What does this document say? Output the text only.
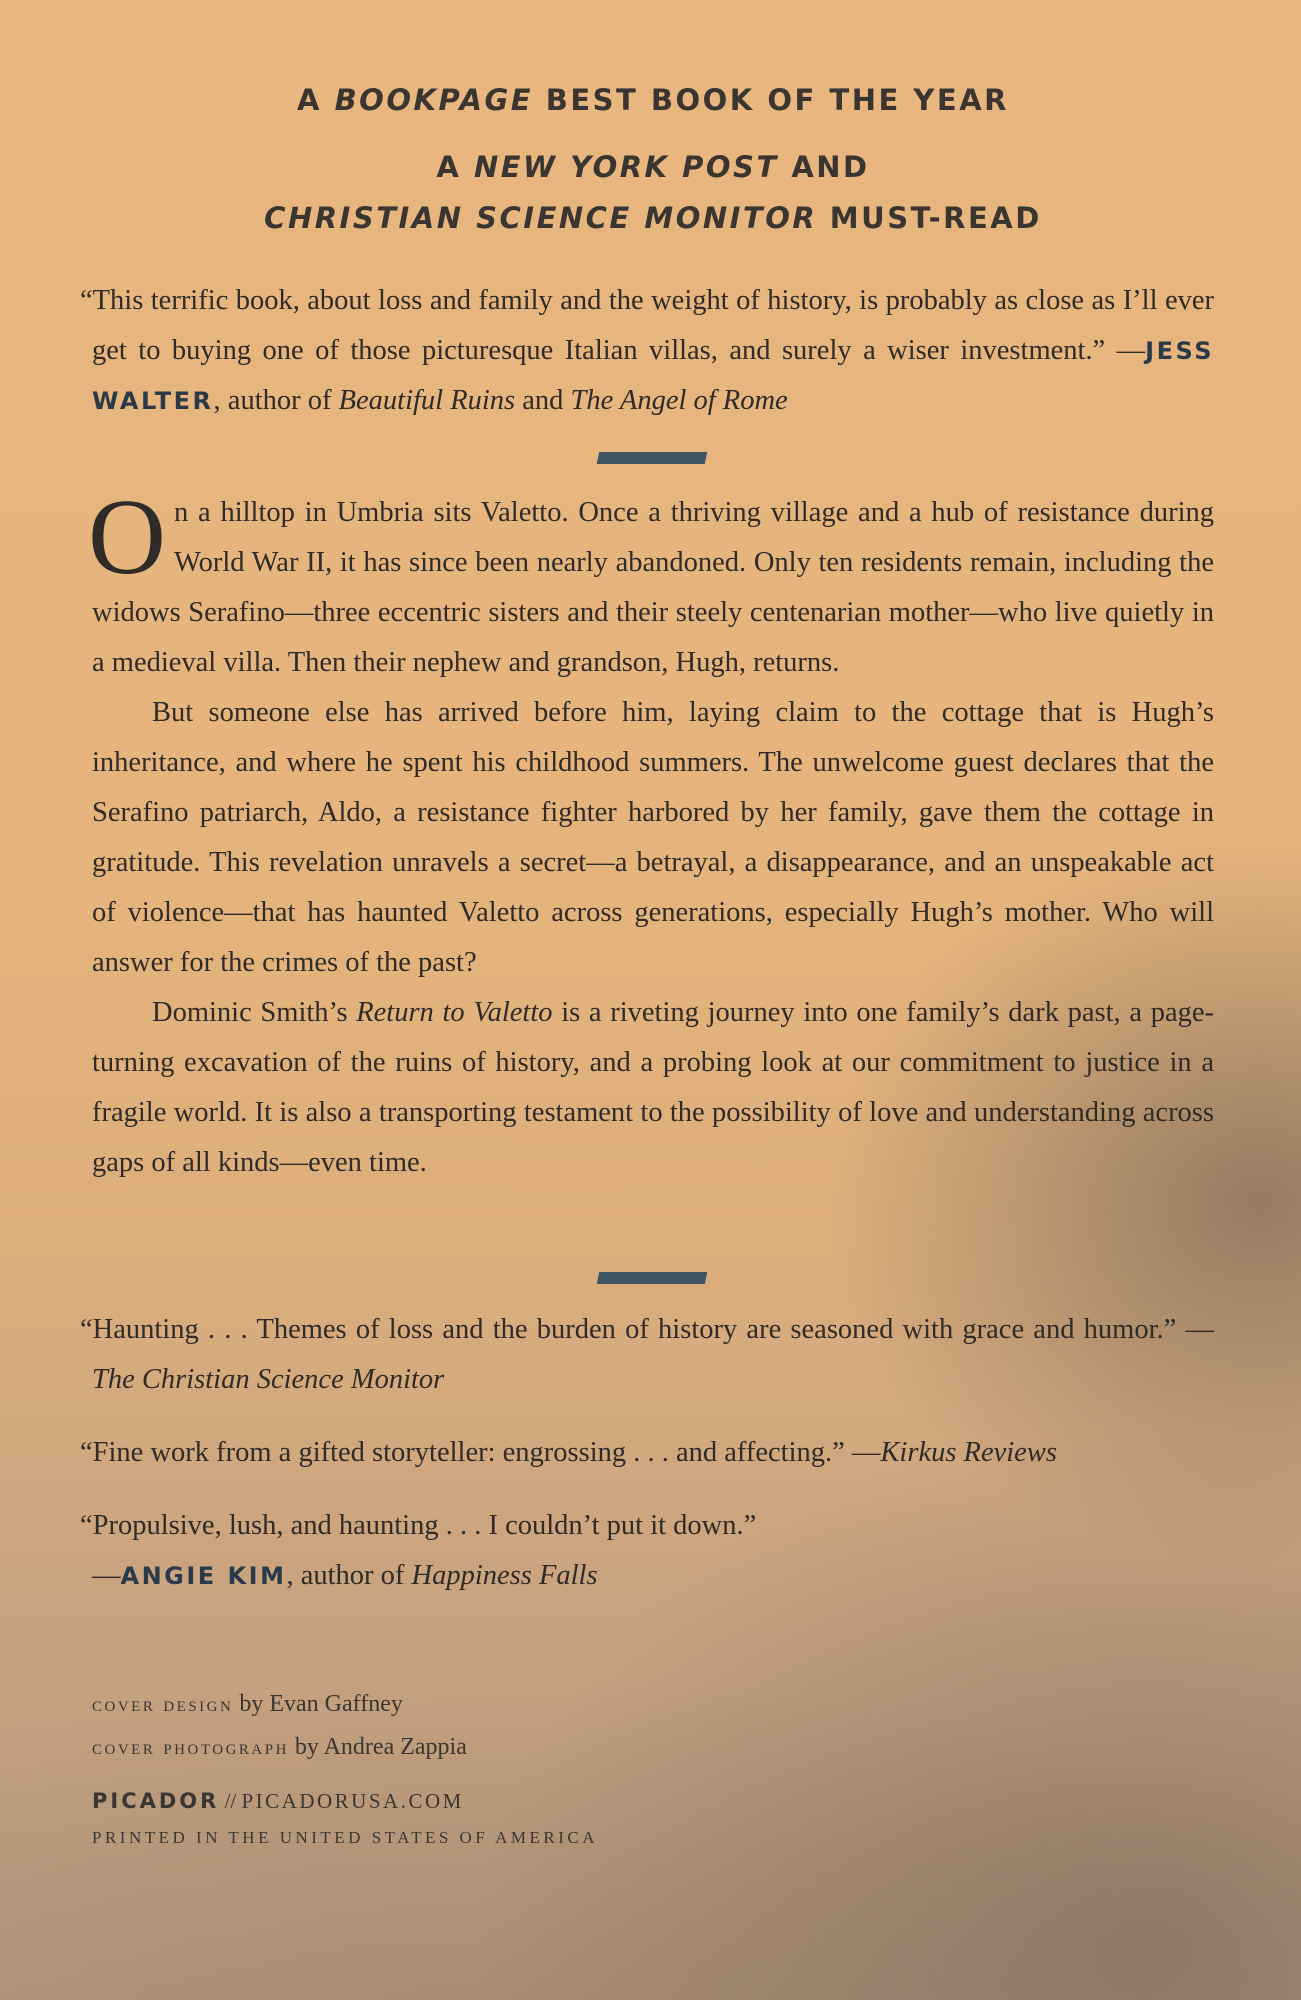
A BOOKPAGE BEST BOOK OF THE YEAR
A NEW YORK POST AND
CHRISTIAN SCIENCE MONITOR MUST-READ

“This terrific book, about loss and family and the weight of history, is probably as close as I’ll ever get to buying one of those picturesque Italian villas, and surely a wiser investment.” —JESS WALTER, author of Beautiful Ruins and The Angel of Rome

On a hilltop in Umbria sits Valetto. Once a thriving village and a hub of resistance during World War II, it has since been nearly abandoned. Only ten residents remain, including the widows Serafino—three eccentric sisters and their steely centenarian mother—who live quietly in a medieval villa. Then their nephew and grandson, Hugh, returns.

But someone else has arrived before him, laying claim to the cottage that is Hugh’s inheritance, and where he spent his childhood summers. The unwelcome guest declares that the Serafino patriarch, Aldo, a resistance fighter harbored by her family, gave them the cottage in gratitude. This revelation unravels a secret—a betrayal, a disappearance, and an unspeakable act of violence—that has haunted Valetto across generations, especially Hugh’s mother. Who will answer for the crimes of the past?

Dominic Smith’s Return to Valetto is a riveting journey into one family’s dark past, a page-turning excavation of the ruins of history, and a probing look at our commitment to justice in a fragile world. It is also a transporting testament to the possibility of love and understanding across gaps of all kinds—even time.

“Haunting . . . Themes of loss and the burden of history are seasoned with grace and humor.” —The Christian Science Monitor

“Fine work from a gifted storyteller: engrossing . . . and affecting.” —Kirkus Reviews

“Propulsive, lush, and haunting . . . I couldn’t put it down.”
—ANGIE KIM, author of Happiness Falls

cover design by Evan Gaffney

cover photograph by Andrea Zappia

PICADOR // PICADORUSA.COM

PRINTED IN THE UNITED STATES OF AMERICA
